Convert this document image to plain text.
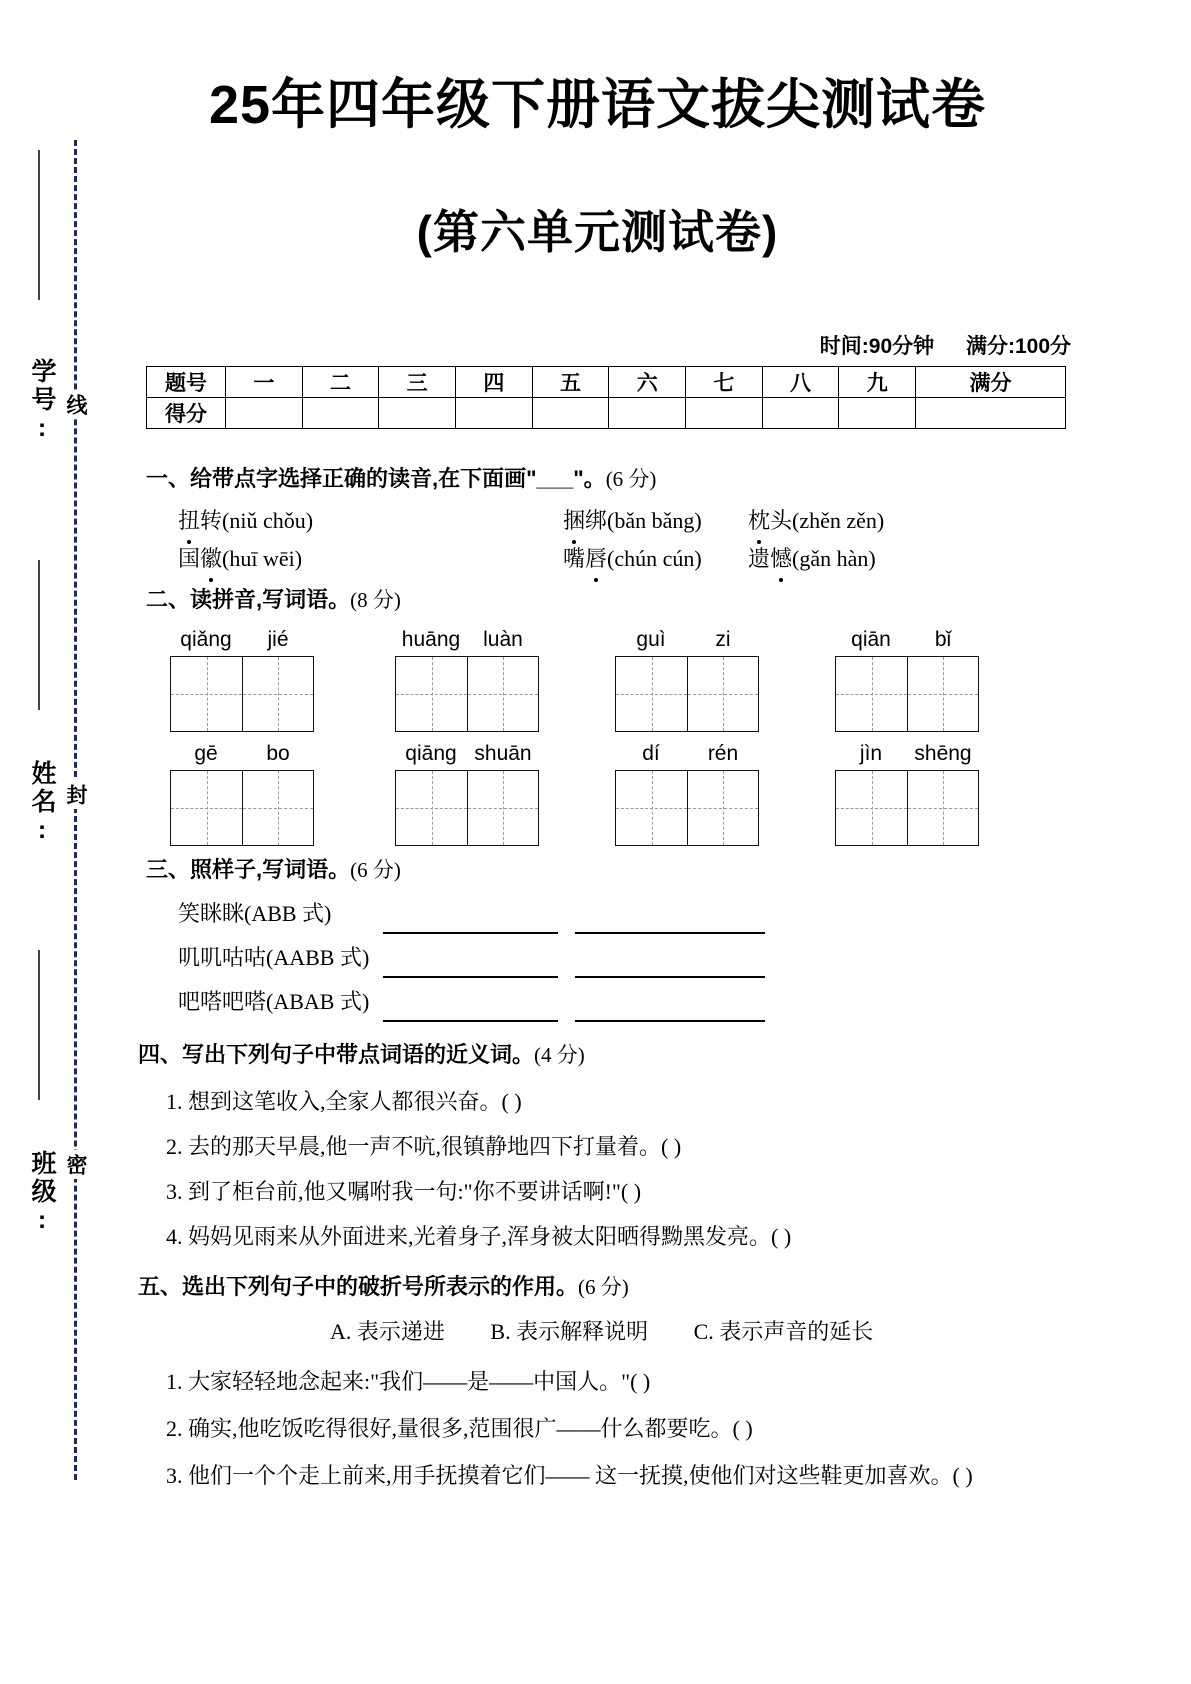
学号:
姓名:
班级:
线
封
密
25年四年级下册语文拔尖测试卷
(第六单元测试卷)
时间:90分钟 满分:100分
题号	一	二	三	四	五	六	七	八	九	满分
得分										
一、给带点字选择正确的读音,在下面画"___"。(6 分)
扭转(niǔ chǒu)	捆绑(bǎn bǎng) 枕头(zhěn zěn)
国徽(huī wēi)	嘴唇(chún cún) 遗憾(gǎn hàn)
二、读拼音,写词语。(8 分)
qiǎng	jié	huāng	luàn	guì	zi	qiān	bǐ
gē	bo	qiāng shuān	dí	rén	jìn	shēng
三、照样子,写词语。(6 分)
笑眯眯(ABB 式)
叽叽咕咕(AABB 式)
吧嗒吧嗒(ABAB 式)
四、写出下列句子中带点词语的近义词。(4 分)
1. 想到这笔收入,全家人都很兴奋。( )
2. 去的那天早晨,他一声不吭,很镇静地四下打量着。( )
3. 到了柜台前,他又嘱咐我一句:"你不要讲话啊!"( )
4. 妈妈见雨来从外面进来,光着身子,浑身被太阳晒得黝黑发亮。( )
五、选出下列句子中的破折号所表示的作用。(6 分)
A. 表示递进 B. 表示解释说明 C. 表示声音的延长
1. 大家轻轻地念起来:"我们——是——中国人。"( )
2. 确实,他吃饭吃得很好,量很多,范围很广——什么都要吃。( )
3. 他们一个个走上前来,用手抚摸着它们—— 这一抚摸,使他们对这些鞋更加喜欢。( )
